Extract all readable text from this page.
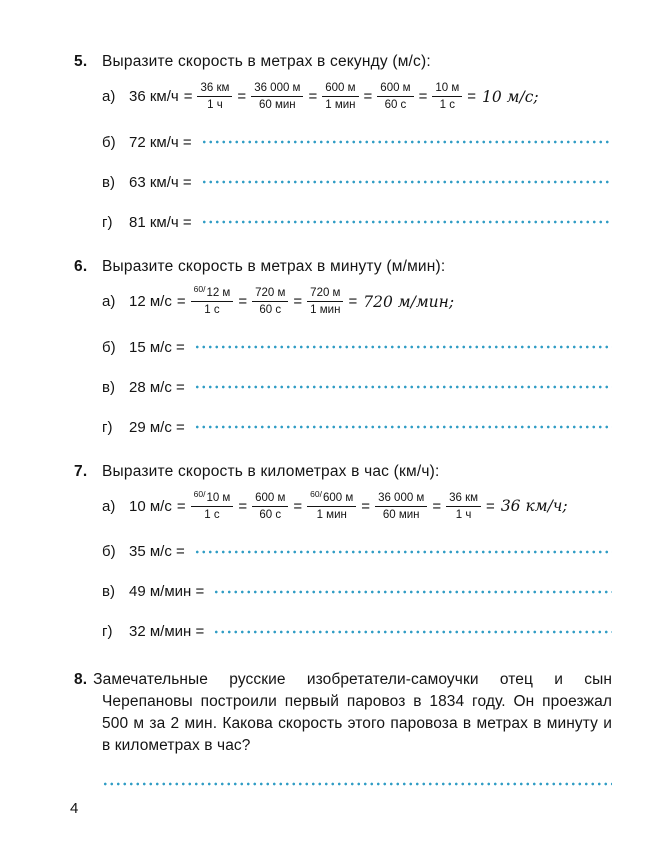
5. Выразите скорость в метрах в секунду (м/с):
а) 36 $км/ч = \frac{36 км}{1 ч} = \frac{36 000 м}{\text{60 мин}} = \frac{600 м}{\text{1 мин}} = \frac{600 м}{60 с} = \frac{10 м}{1 с} = 10$ м/с;
б) 72 км/ч =
в) 63 км/ч =
г)	81 км/ч =
6. Выразите скорость в метрах в минуту (м/мин):
а) 12 $м/с = \frac{^{60/}12 м}{1 с} = \frac{720 м}{60 с} = \frac{720 м}{\text{1 мин}} = 720$ м/мин;
б) 15 м/с =
в) 28 м/с =
г)	29 м/с =
7. Выразите скорость в километрах в час (км/ч):
а) 10 $м/с = \frac{^{60/}10 м}{1 с} = \frac{600 м}{60 с} = \frac{^{60/}600 м}{\text{1 мин}} = \frac{36 000 м}{\text{60 мин}} = \frac{36 км}{1 ч} = 36$ км/ч;
б) 35 м/с =
в) 49 м/мин =
г)	32 м/мин =

8. Замечательные русские изобретатели-самоучки отец и сын Черепановы построили первый паровоз в 1834 году. Он проезжал 500 м за 2 мин. Какова скорость этого паровоза в метрах в минуту и в километрах в час?

4
